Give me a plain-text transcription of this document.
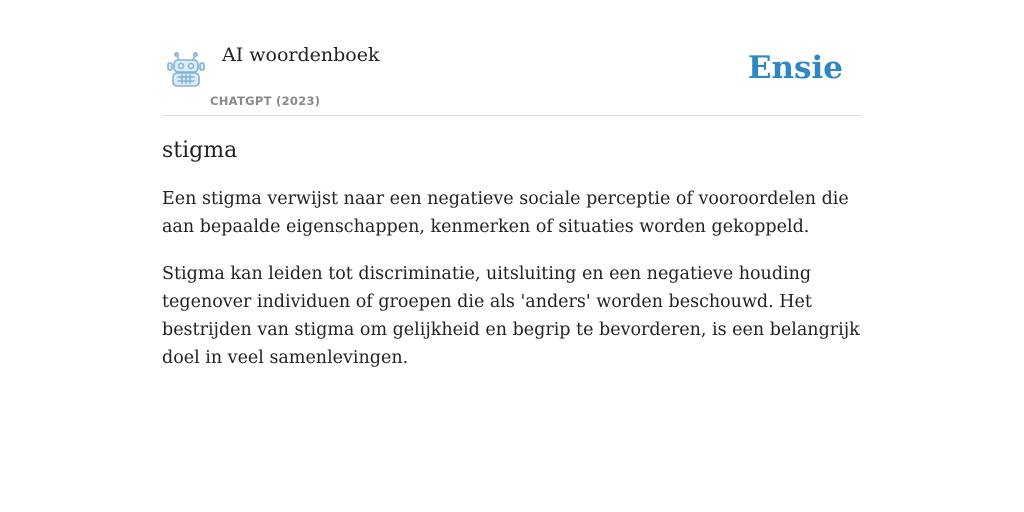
AI woordenboek
CHATGPT (2023)
Ensie
stigma

Een stigma verwijst naar een negatieve sociale perceptie of vooroordelen die aan bepaalde eigenschappen, kenmerken of situaties worden gekoppeld.

Stigma kan leiden tot discriminatie, uitsluiting en een negatieve houding tegenover individuen of groepen die als 'anders' worden beschouwd. Het bestrijden van stigma om gelijkheid en begrip te bevorderen, is een belangrijk doel in veel samenlevingen.
